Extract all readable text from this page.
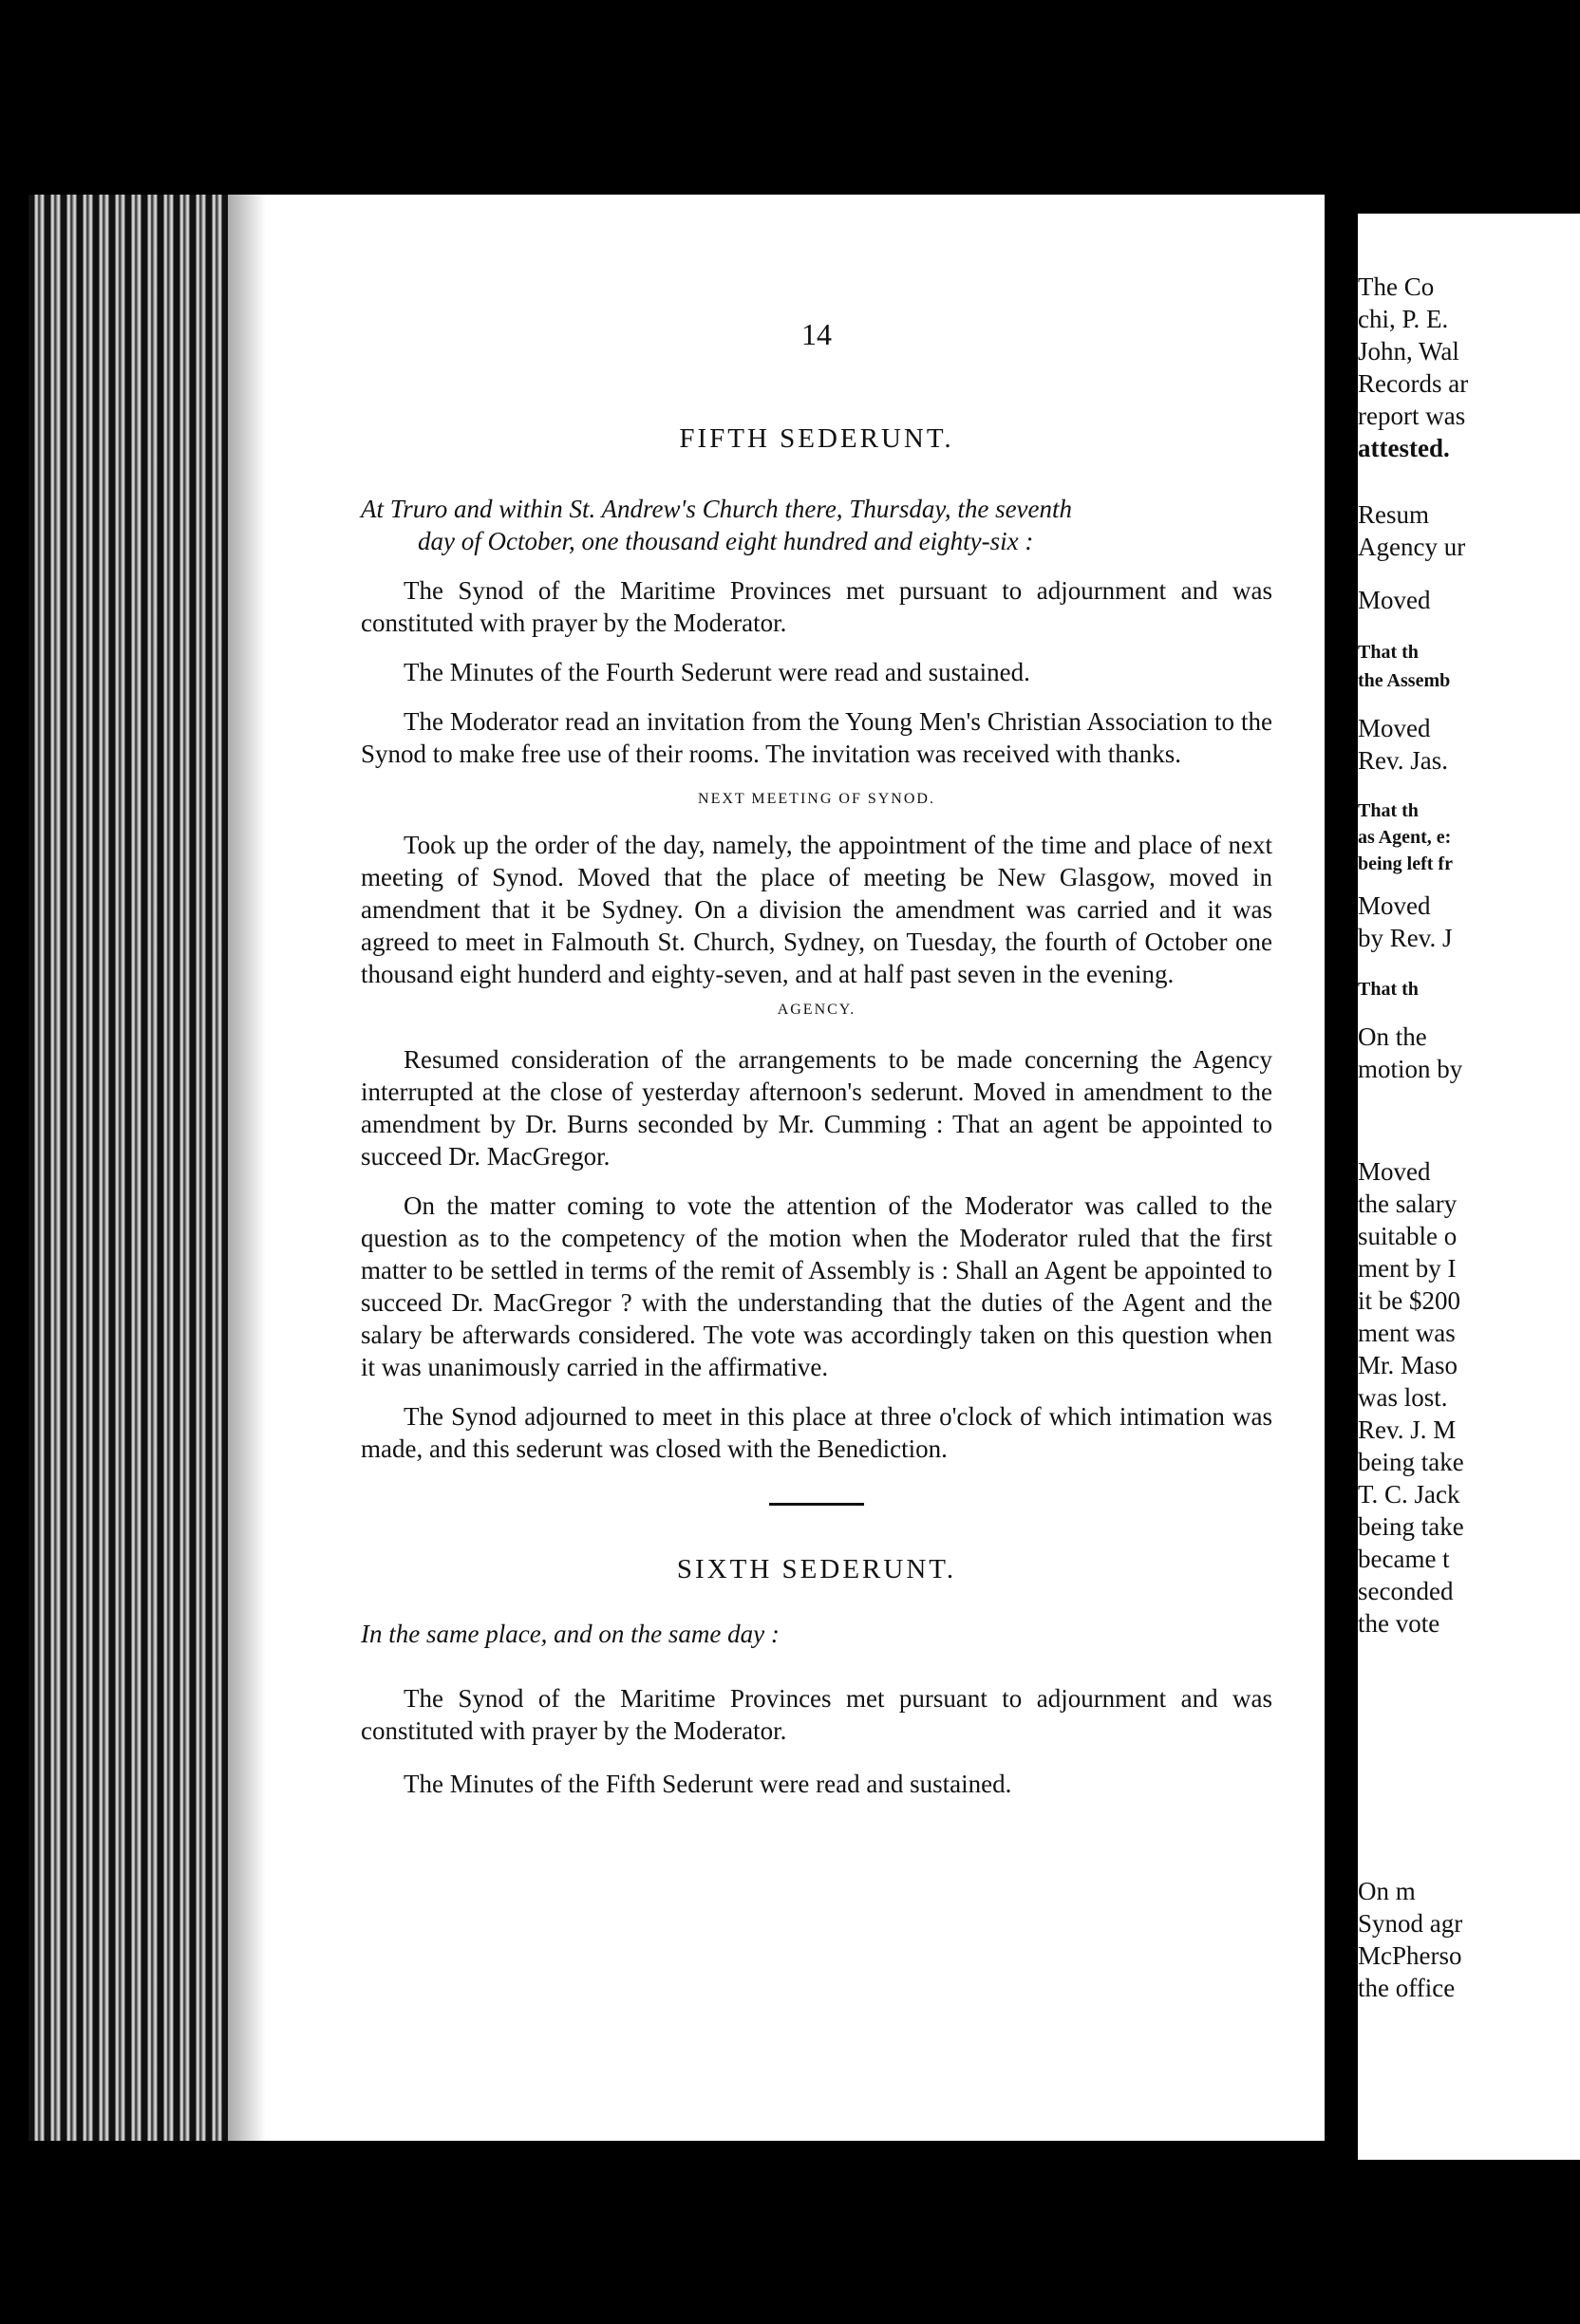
14
FIFTH SEDERUNT.

At Truro and within St. Andrew's Church there, Thursday, the seventh

day of October, one thousand eight hundred and eighty-six :

The Synod of the Maritime Provinces met pursuant to adjournment and was constituted with prayer by the Moderator.

The Minutes of the Fourth Sederunt were read and sustained.

The Moderator read an invitation from the Young Men's Christian Association to the Synod to make free use of their rooms. The invitation was received with thanks.

NEXT MEETING OF SYNOD.

Took up the order of the day, namely, the appointment of the time and place of next meeting of Synod. Moved that the place of meeting be New Glasgow, moved in amendment that it be Sydney. On a division the amendment was carried and it was agreed to meet in Falmouth St. Church, Sydney, on Tuesday, the fourth of October one thousand eight hunderd and eighty-seven, and at half past seven in the evening.

AGENCY.

Resumed consideration of the arrangements to be made concerning the Agency interrupted at the close of yesterday afternoon's sederunt. Moved in amendment to the amendment by Dr. Burns seconded by Mr. Cumming : That an agent be appointed to succeed Dr. MacGregor.

On the matter coming to vote the attention of the Moderator was called to the question as to the competency of the motion when the Moderator ruled that the first matter to be settled in terms of the remit of Assembly is : Shall an Agent be appointed to succeed Dr. MacGregor ? with the understanding that the duties of the Agent and the salary be afterwards considered. The vote was accordingly taken on this question when it was unanimously carried in the affirmative.

The Synod adjourned to meet in this place at three o'clock of which intimation was made, and this sederunt was closed with the Benediction.

SIXTH SEDERUNT.

In the same place, and on the same day :

The Synod of the Maritime Provinces met pursuant to adjournment and was constituted with prayer by the Moderator.

The Minutes of the Fifth Sederunt were read and sustained.

The Co
chi, P. E.
John, Wal
Records ar
report was
attested.
Resum
Agency ur
Moved
That th
the Assemb
Moved
Rev. Jas.
That th
as Agent, e:
being left fr
Moved
by Rev. J
That th
On the
motion by
Moved
the salary
suitable o
ment by I
it be $200
ment was
Mr. Maso
was lost.
Rev. J. M
being take
T. C. Jack
being take
became t
seconded
the vote
On m
Synod agr
McPherso
the office
